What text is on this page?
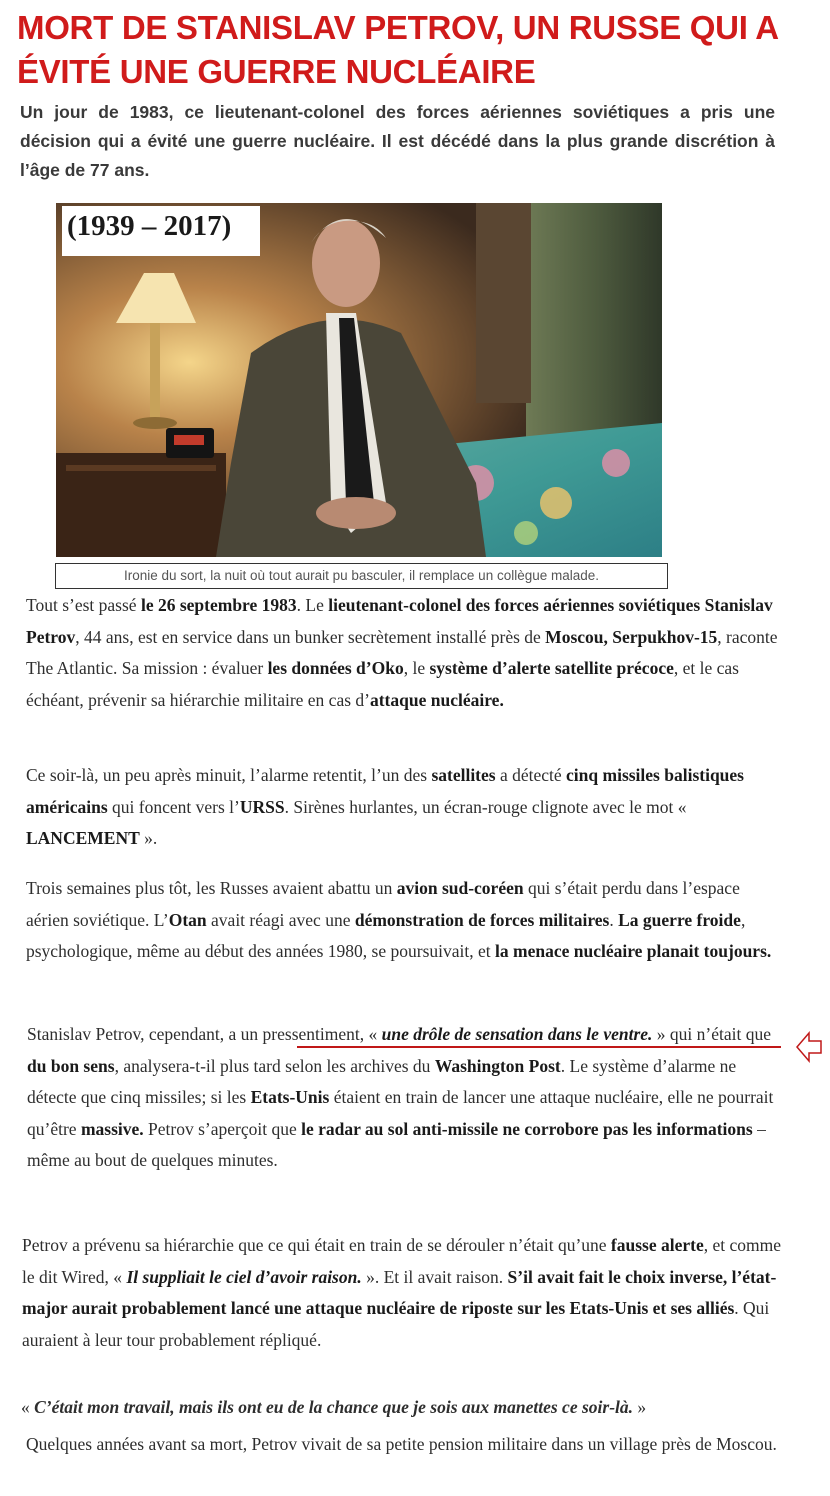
MORT DE STANISLAV PETROV, UN RUSSE QUI A ÉVITÉ UNE GUERRE NUCLÉAIRE

Un jour de 1983, ce lieutenant-colonel des forces aériennes soviétiques a pris une décision qui a évité une guerre nucléaire. Il est décédé dans la plus grande discrétion à l’âge de 77 ans.

(1939 – 2017)
Ironie du sort, la nuit où tout aurait pu basculer, il remplace un collègue malade.

Tout s’est passé le 26 septembre 1983. Le lieutenant-colonel des forces aériennes soviétiques Stanislav Petrov, 44 ans, est en service dans un bunker secrètement installé près de Moscou, Serpukhov-15, raconte The Atlantic. Sa mission : évaluer les données d’Oko, le système d’alerte satellite précoce, et le cas échéant, prévenir sa hiérarchie militaire en cas d’attaque nucléaire.

Ce soir-là, un peu après minuit, l’alarme retentit, l’un des satellites a détecté cinq missiles balistiques américains qui foncent vers l’URSS. Sirènes hurlantes, un écran-rouge clignote avec le mot « LANCEMENT ».

Trois semaines plus tôt, les Russes avaient abattu un avion sud-coréen qui s’était perdu dans l’espace aérien soviétique. L’Otan avait réagi avec une démonstration de forces militaires. La guerre froide, psychologique, même au début des années 1980, se poursuivait, et la menace nucléaire planait toujours.

Stanislav Petrov, cependant, a un pressentiment, « une drôle de sensation dans le ventre. » qui n’était que du bon sens, analysera-t-il plus tard selon les archives du Washington Post. Le système d’alarme ne détecte que cinq missiles; si les Etats-Unis étaient en train de lancer une attaque nucléaire, elle ne pourrait qu’être massive. Petrov s’aperçoit que le radar au sol anti-missile ne corrobore pas les informations – même au bout de quelques minutes.

Petrov a prévenu sa hiérarchie que ce qui était en train de se dérouler n’était qu’une fausse alerte, et comme le dit Wired, « Il suppliait le ciel d’avoir raison. ». Et il avait raison. S’il avait fait le choix inverse, l’état-major aurait probablement lancé une attaque nucléaire de riposte sur les Etats-Unis et ses alliés. Qui auraient à leur tour probablement répliqué.

« C’était mon travail, mais ils ont eu de la chance que je sois aux manettes ce soir-là. »

Quelques années avant sa mort, Petrov vivait de sa petite pension militaire dans un village près de Moscou.
